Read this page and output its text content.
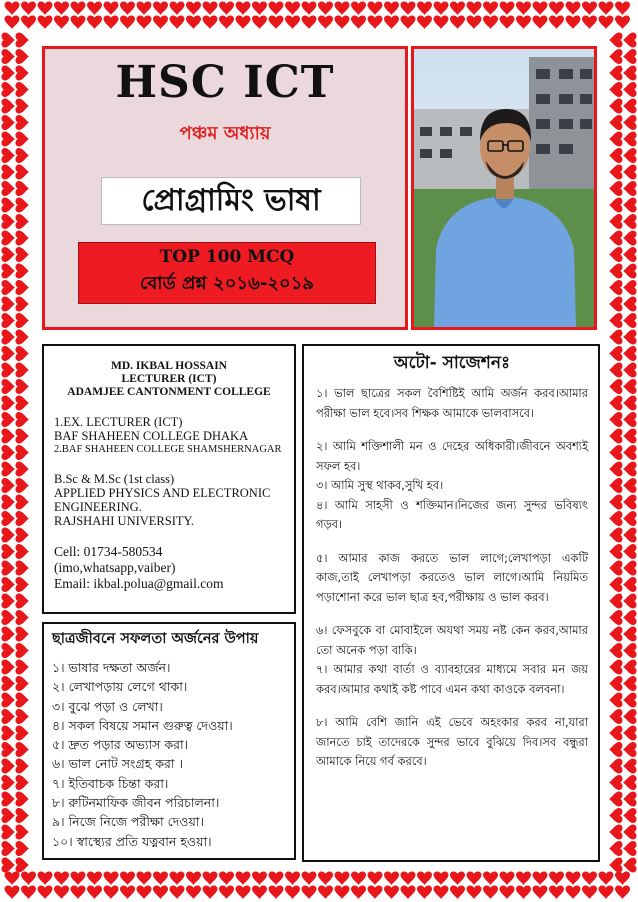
HSC ICT
পঞ্চম অধ্যায়
প্রোগ্রামিং ভাষা
TOP 100 MCQ
বোর্ড প্রশ্ন ২০১৬-২০১৯
MD. IKBAL HOSSAIN
LECTURER (ICT)
ADAMJEE CANTONMENT COLLEGE
1.EX. LECTURER (ICT)
BAF SHAHEEN COLLEGE DHAKA
2.BAF SHAHEEN COLLEGE SHAMSHERNAGAR
B.Sc & M.Sc (1st class)
APPLIED PHYSICS AND ELECTRONIC
ENGINEERING.
RAJSHAHI UNIVERSITY.
Cell: 01734-580534
(imo,whatsapp,vaiber)
Email: ikbal.polua@gmail.com
ছাত্রজীবনে সফলতা অর্জনের উপায়
১। ভাষার দক্ষতা অর্জন।
২। লেখাপড়ায় লেগে থাকা।
৩। বুঝে পড়া ও লেখা।
৪। সকল বিষয়ে সমান গুরুত্ব দেওয়া।
৫। দ্রুত পড়ার অভ্যাস করা।
৬। ভাল নোট সংগ্রহ করা ।
৭। ইতিবাচক চিন্তা করা।
৮। রুটিনমাফিক জীবন পরিচালনা।
৯। নিজে নিজে পরীক্ষা দেওয়া।
১০। স্বাস্থ্যের প্রতি যত্নবান হওয়া।
অটো- সাজেশনঃ

১। ভাল ছাত্রের সকল বৈশিষ্টিই আমি অর্জন করব।আমার পরীক্ষা ভাল হবে।সব শিক্ষক আমাকে ভালবাসবে।

২। আমি শক্তিশালী মন ও দেহের অধিকারী।জীবনে অবশ্যই সফল হব।

৩। আমি সুস্থ থাকব,সুখি হব।

৪। আমি সাহসী ও শক্তিমান।নিজের জন্য সুন্দর ভবিষ্যৎ গড়ব।

৫। আমার কাজ করতে ভাল লাগে;লেখাপড়া একটি কাজ,তাই লেখাপড়া করতেও ভাল লাগে।আমি নিয়মিত পড়াশোনা করে ভাল ছাত্র হব,পরীক্ষায় ও ভাল করব।

৬। ফেসবুকে বা মোবাইলে অযথা সময় নষ্ট কেন করব,আমার তো অনেক পড়া বাকি।

৭। আমার কথা বার্তা ও ব্যাবহারের মাধ্যমে সবার মন জয় করব।আমার কথাই কষ্ট পাবে এমন কথা কাওকে বলবনা।

৮। আমি বেশি জানি এই ভেবে অহংকার করব না,যারা জানতে চাই তাদেরকে সুন্দর ভাবে বুঝিয়ে দিব।সব বন্ধুরা আমাকে নিয়ে গর্ব করবে।
